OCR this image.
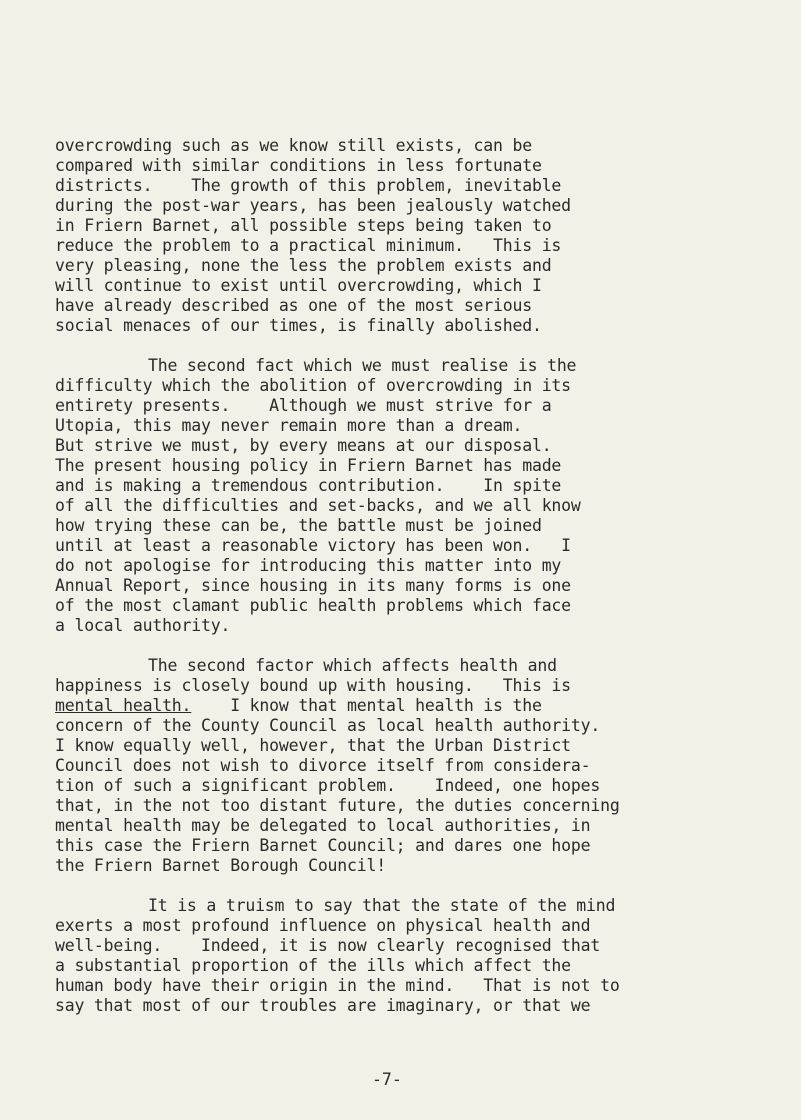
overcrowding such as we know still exists, can be
compared with similar conditions in less fortunate
districts.    The growth of this problem, inevitable
during the post-war years, has been jealously watched
in Friern Barnet, all possible steps being taken to
reduce the problem to a practical minimum.   This is
very pleasing, none the less the problem exists and
will continue to exist until overcrowding, which I
have already described as one of the most serious
social menaces of our times, is finally abolished.
The second fact which we must realise is the
difficulty which the abolition of overcrowding in its
entirety presents.    Although we must strive for a
Utopia, this may never remain more than a dream.
But strive we must, by every means at our disposal.
The present housing policy in Friern Barnet has made
and is making a tremendous contribution.    In spite
of all the difficulties and set-backs, and we all know
how trying these can be, the battle must be joined
until at least a reasonable victory has been won.   I
do not apologise for introducing this matter into my
Annual Report, since housing in its many forms is one
of the most clamant public health problems which face
a local authority.
The second factor which affects health and
happiness is closely bound up with housing.   This is
mental health.    I know that mental health is the
concern of the County Council as local health authority.
I know equally well, however, that the Urban District
Council does not wish to divorce itself from considera-
tion of such a significant problem.    Indeed, one hopes
that, in the not too distant future, the duties concerning
mental health may be delegated to local authorities, in
this case the Friern Barnet Council; and dares one hope
the Friern Barnet Borough Council!
It is a truism to say that the state of the mind
exerts a most profound influence on physical health and
well-being.    Indeed, it is now clearly recognised that
a substantial proportion of the ills which affect the
human body have their origin in the mind.   That is not to
say that most of our troubles are imaginary, or that we
-7-
